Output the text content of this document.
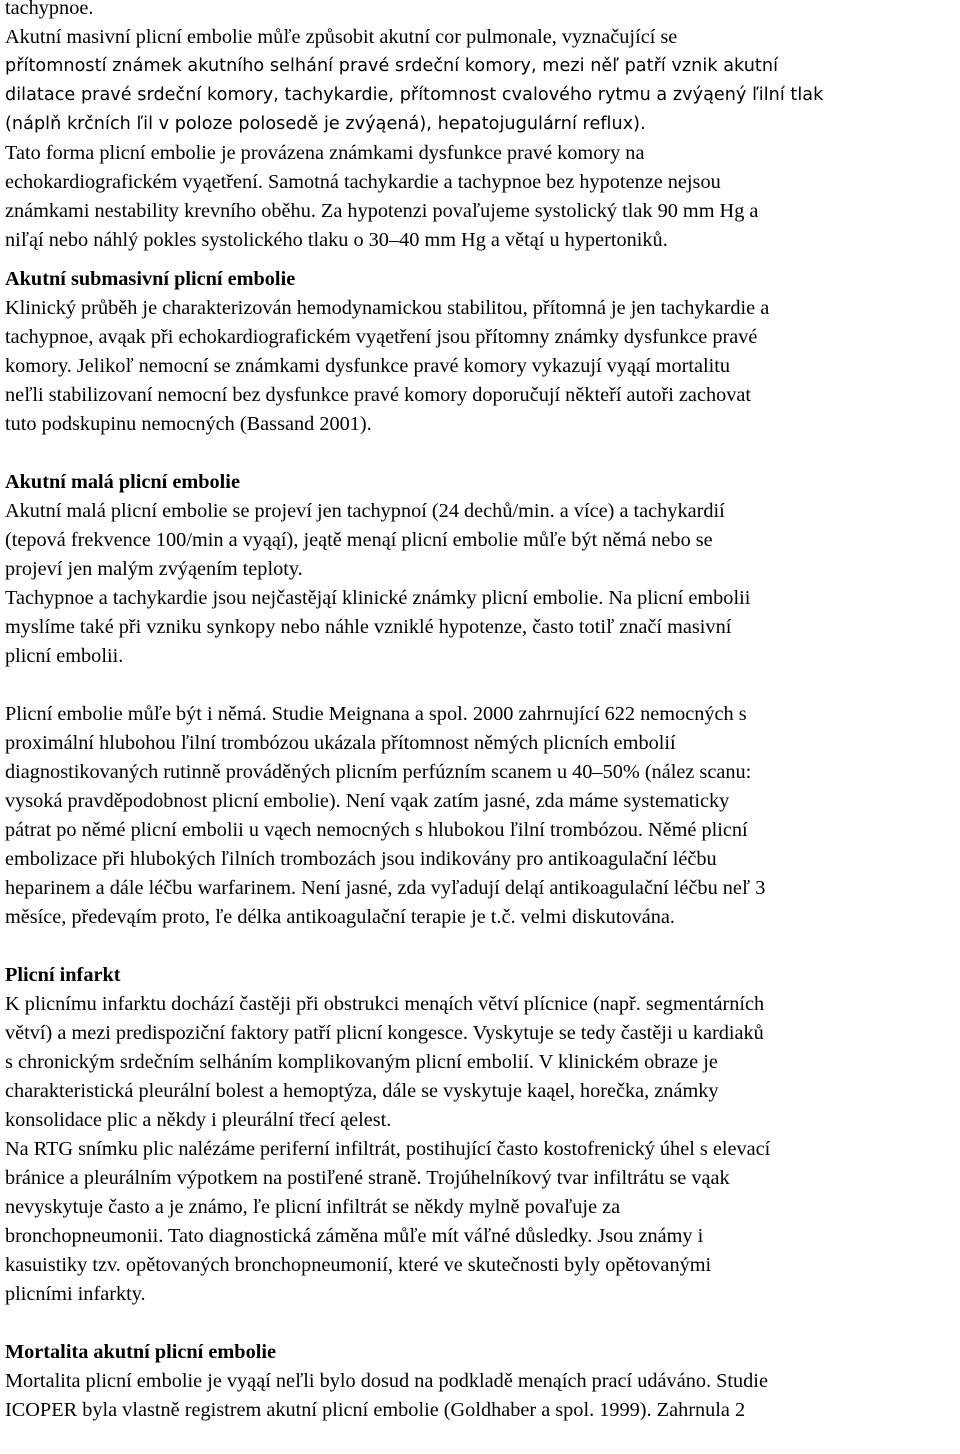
tachypnoe.
Akutní masivní plicní embolie můľe způsobit akutní cor pulmonale, vyznačující se
přítomností známek akutního selhání pravé srdeční komory, mezi něľ patří vznik akutní
dilatace pravé srdeční komory, tachykardie, přítomnost cvalového rytmu a zvýąený ľilní tlak
(náplň krčních ľil v poloze polosedě je zvýąená), hepatojugulární reflux).
Tato forma plicní embolie je provázena známkami dysfunkce pravé komory na
echokardiografickém vyąetření. Samotná tachykardie a tachypnoe bez hypotenze nejsou
známkami nestability krevního oběhu. Za hypotenzi povaľujeme systolický tlak 90 mm Hg a
niľąí nebo náhlý pokles systolického tlaku o 30–40 mm Hg a větąí u hypertoniků.
Akutní submasivní plicní embolie
Klinický průběh je charakterizován hemodynamickou stabilitou, přítomná je jen tachykardie a
tachypnoe, avąak při echokardiografickém vyąetření jsou přítomny známky dysfunkce pravé
komory. Jelikoľ nemocní se známkami dysfunkce pravé komory vykazují vyąąí mortalitu
neľli stabilizovaní nemocní bez dysfunkce pravé komory doporučují někteří autoři zachovat
tuto podskupinu nemocných (Bassand 2001).
Akutní malá plicní embolie
Akutní malá plicní embolie se projeví jen tachypnoí (24 dechů/min. a více) a tachykardií
(tepová frekvence 100/min a vyąąí), jeątě menąí plicní embolie můľe být němá nebo se
projeví jen malým zvýąením teploty.
Tachypnoe a tachykardie jsou nejčastějąí klinické známky plicní embolie. Na plicní embolii
myslíme také při vzniku synkopy nebo náhle vzniklé hypotenze, často totiľ značí masivní
plicní embolii.
Plicní embolie můľe být i němá. Studie Meignana a spol. 2000 zahrnující 622 nemocných s
proximální hlubohou ľilní trombózou ukázala přítomnost němých plicních embolií
diagnostikovaných rutinně prováděných plicním perfúzním scanem u 40–50% (nález scanu:
vysoká pravděpodobnost plicní embolie). Není vąak zatím jasné, zda máme systematicky
pátrat po němé plicní embolii u vąech nemocných s hlubokou ľilní trombózou. Němé plicní
embolizace při hlubokých ľilních trombozách jsou indikovány pro antikoagulační léčbu
heparinem a dále léčbu warfarinem. Není jasné, zda vyľadují deląí antikoagulační léčbu neľ 3
měsíce, předevąím proto, ľe délka antikoagulační terapie je t.č. velmi diskutována.
Plicní infarkt
K plicnímu infarktu dochází častěji při obstrukci menąích větví plícnice (např. segmentárních
větví) a mezi predispoziční faktory patří plicní kongesce. Vyskytuje se tedy častěji u kardiaků
s chronickým srdečním selháním komplikovaným plicní embolií. V klinickém obraze je
charakteristická pleurální bolest a hemoptýza, dále se vyskytuje kaąel, horečka, známky
konsolidace plic a někdy i pleurální třecí ąelest.
Na RTG snímku plic nalézáme periferní infiltrát, postihující často kostofrenický úhel s elevací
bránice a pleurálním výpotkem na postiľené straně. Trojúhelníkový tvar infiltrátu se vąak
nevyskytuje často a je známo, ľe plicní infiltrát se někdy mylně povaľuje za
bronchopneumonii. Tato diagnostická záměna můľe mít váľné důsledky. Jsou známy i
kasuistiky tzv. opětovaných bronchopneumonií, které ve skutečnosti byly opětovanými
plicními infarkty.
Mortalita akutní plicní embolie
Mortalita plicní embolie je vyąąí neľli bylo dosud na podkladě menąích prací udáváno. Studie
ICOPER byla vlastně registrem akutní plicní embolie (Goldhaber a spol. 1999). Zahrnula 2
